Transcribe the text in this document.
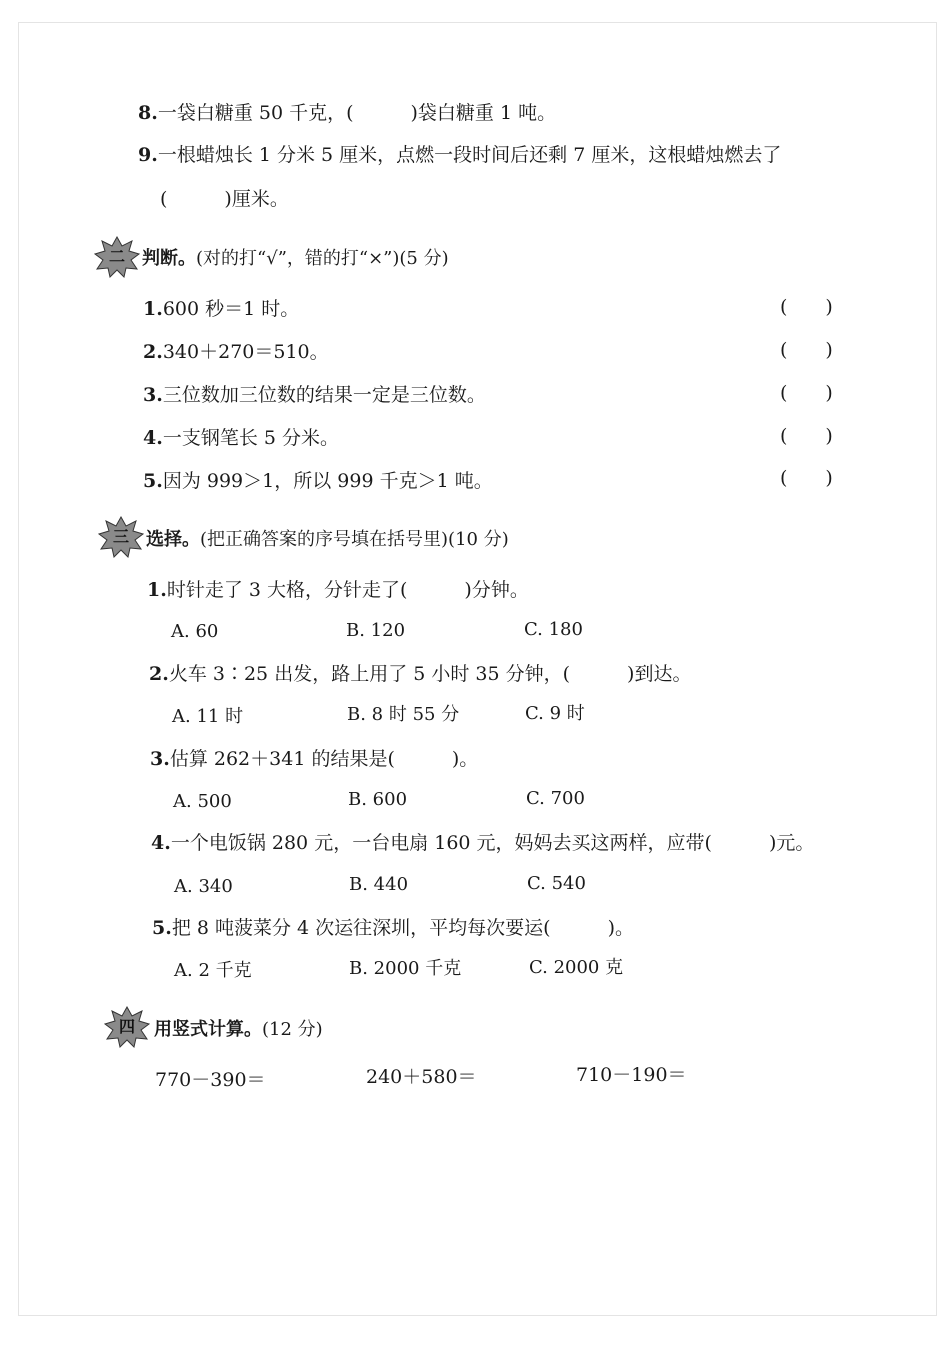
8.一袋白糖重 50 千克，(　　　)袋白糖重 1 吨。
9.一根蜡烛长 1 分米 5 厘米，点燃一段时间后还剩 7 厘米，这根蜡烛燃去了
(　　　)厘米。
二 判断。(对的打“√”，错的打“×”)(5 分)
1.600 秒＝1 时。	(　　)
2.340＋270＝510。	(　　)
3.三位数加三位数的结果一定是三位数。	(　　)
4.一支钢笔长 5 分米。	(　　)
5.因为 999＞1，所以 999 千克＞1 吨。	(　　)
三 选择。(把正确答案的序号填在括号里)(10 分)
1.时针走了 3 大格，分针走了(　　　)分钟。
A. 60	B. 120	C. 180
2.火车 3∶25 出发，路上用了 5 小时 35 分钟，(　　　)到达。
A. 11 时	B. 8 时 55 分	C. 9 时
3.估算 262＋341 的结果是(　　　)。
A. 500	B. 600	C. 700
4.一个电饭锅 280 元，一台电扇 160 元，妈妈去买这两样，应带(　　　)元。
A. 340	B. 440	C. 540
5.把 8 吨菠菜分 4 次运往深圳，平均每次要运(　　　)。
A. 2 千克	B. 2000 千克	C. 2000 克
四	用竖式计算。(12 分)
770－390＝	240＋580＝	710－190＝
